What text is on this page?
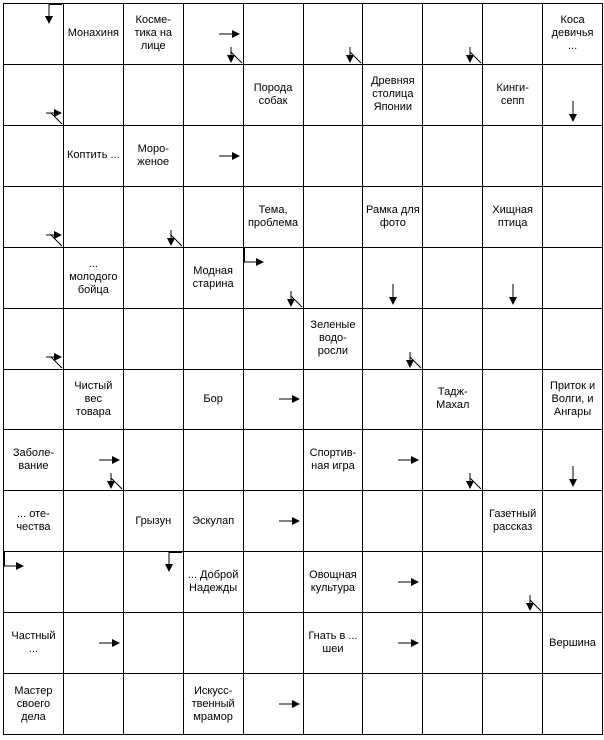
Монахиня
Косме-
тика на
лице
Коса
девичья
...
Порода
собак
Древняя
столица
Японии
Кинги-
сепп
Коптить ...
Моро-
женое
Тема,
проблема
Рамка для
фото
Хищная
птица
...
молодого
бойца
Модная
старина
Зеленые
водо-
росли
Чистый
вес
товара
Бор
Тадж-
Махал
Приток и
Волги, и
Ангары
Заболе-
вание
Спортив-
ная игра
... оте-
чества
Грызун Эскулап
Газетный
рассказ
... Доброй
Надежды
Овощная
культура
Частный ...
Гнать в ...
шеи
Вершина
Мастер
своего
дела
Искусс-
твенный
мрамор
